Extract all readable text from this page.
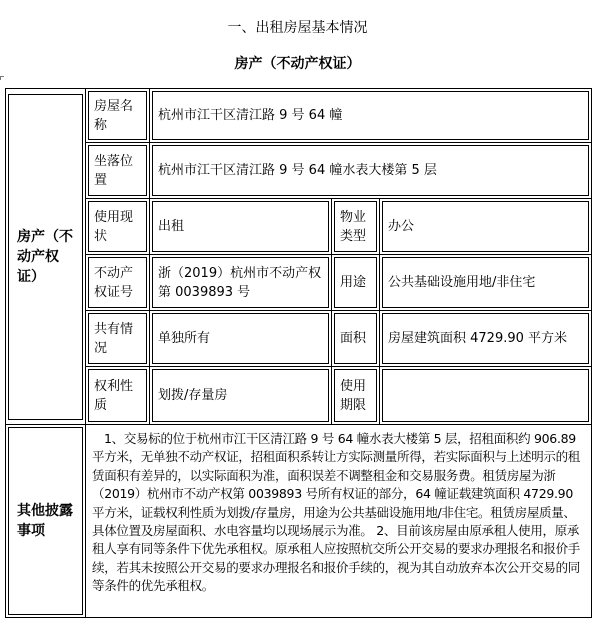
一、出租房屋基本情况
房产（不动产权证）
房产（不动产权证）	房屋名称	杭州市江干区清江路 9 号 64 幢		

坐落位置	杭州市江干区清江路 9 号 64 幢水表大楼第 5 层		

使用现状	出租	物业类型	办公

不动产权证号	浙（2019）杭州市不动产权第 0039893 号	用途	公共基础设施用地/非住宅

共有情况	单独所有	面积	房屋建筑面积 4729.90 平方米

权利性质	划拨/存量房	使用期限	

其他披露事项	1、交易标的位于杭州市江干区清江路 9 号 64 幢水表大楼第 5 层，招租面积约 906.89 平方米，无单独不动产权证，招租面积系转让方实际测量所得，若实际面积与上述明示的租赁面积有差异的，以实际面积为准，面积误差不调整租金和交易服务费。租赁房屋为浙（2019）杭州市不动产权第 0039893 号所有权证的部分，64 幢证载建筑面积 4729.90 平方米，证载权利性质为划拨/存量房，用途为公共基础设施用地/非住宅。租赁房屋质量、具体位置及房屋面积、水电容量均以现场展示为准。 2、目前该房屋由原承租人使用，原承租人享有同等条件下优先承租权。原承租人应按照杭交所公开交易的要求办理报名和报价手续，若其未按照公开交易的要求办理报名和报价手续的，视为其自动放弃本次公开交易的同等条件的优先承租权。			
